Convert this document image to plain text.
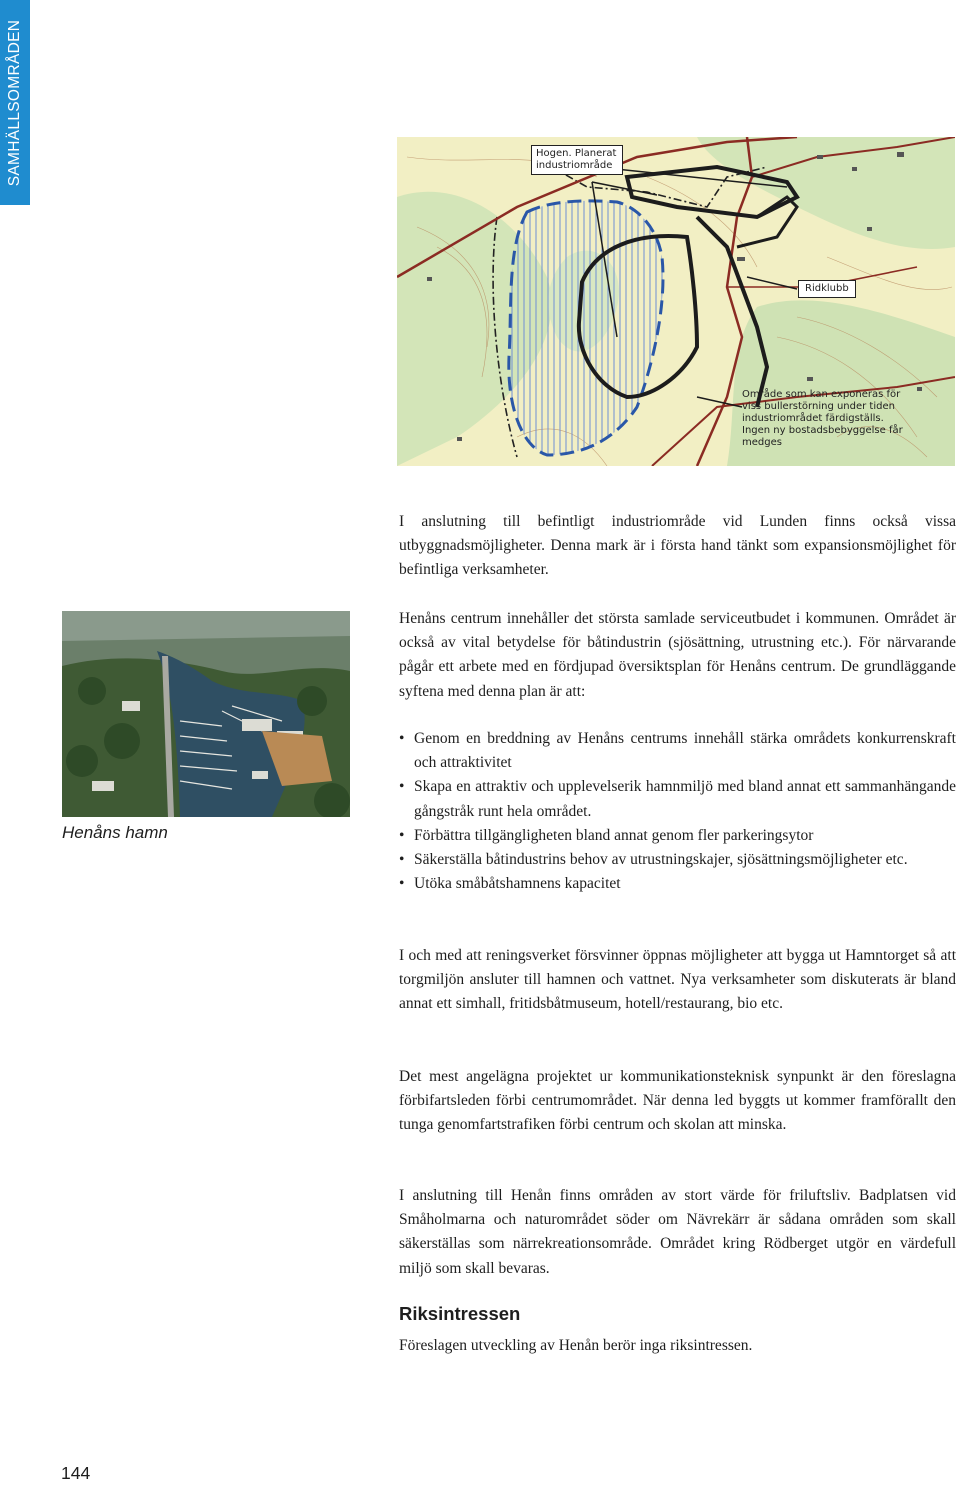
SAMHÄLLSOMRÅDEN	Hogen. Planerat industriområde
Ridklubb
Område som kan exponeras för viss bullerstörning under tiden industriområdet färdigställs. Ingen ny bostadsbebyggelse får medges

I anslutning till befintligt industriområde vid Lunden finns också vissa utbyggnadsmöjligheter. Denna mark är i första hand tänkt som expansionsmöjlighet för befintliga verksamheter.

Henåns centrum innehåller det största samlade serviceutbudet i kommunen. Området är också av vital betydelse för båtindustrin (sjösättning, utrustning etc.). För närvarande pågår ett arbete med en fördjupad översiktsplan för Henåns centrum. De grundläggande syftena med denna plan är att:

Henåns hamn
• Genom en breddning av Henåns centrums innehåll stärka områdets konkurrenskraft och attraktivitet
• Skapa en attraktiv och upplevelserik hamnmiljö med bland annat ett sammanhängande gångstråk runt hela området.
• Förbättra tillgängligheten bland annat genom fler parkeringsytor
• Säkerställa båtindustrins behov av utrustningskajer, sjösättningsmöjligheter etc.
• Utöka småbåtshamnens kapacitet

I och med att reningsverket försvinner öppnas möjligheter att bygga ut Hamntorget så att torgmiljön ansluter till hamnen och vattnet. Nya verksamheter som diskuterats är bland annat ett simhall, fritidsbåtmuseum, hotell/restaurang, bio etc.

Det mest angelägna projektet ur kommunikationsteknisk synpunkt är den föreslagna förbifartsleden förbi centrumområdet. När denna led byggts ut kommer framförallt den tunga genomfartstrafiken förbi centrum och skolan att minska.

I anslutning till Henån finns områden av stort värde för friluftsliv. Badplatsen vid Småholmarna och naturområdet söder om Nävrekärr är sådana områden som skall säkerställas som närrekreationsområde. Området kring Rödberget utgör en värdefull miljö som skall bevaras.

Riksintressen

Föreslagen utveckling av Henån berör inga riksintressen.

144
